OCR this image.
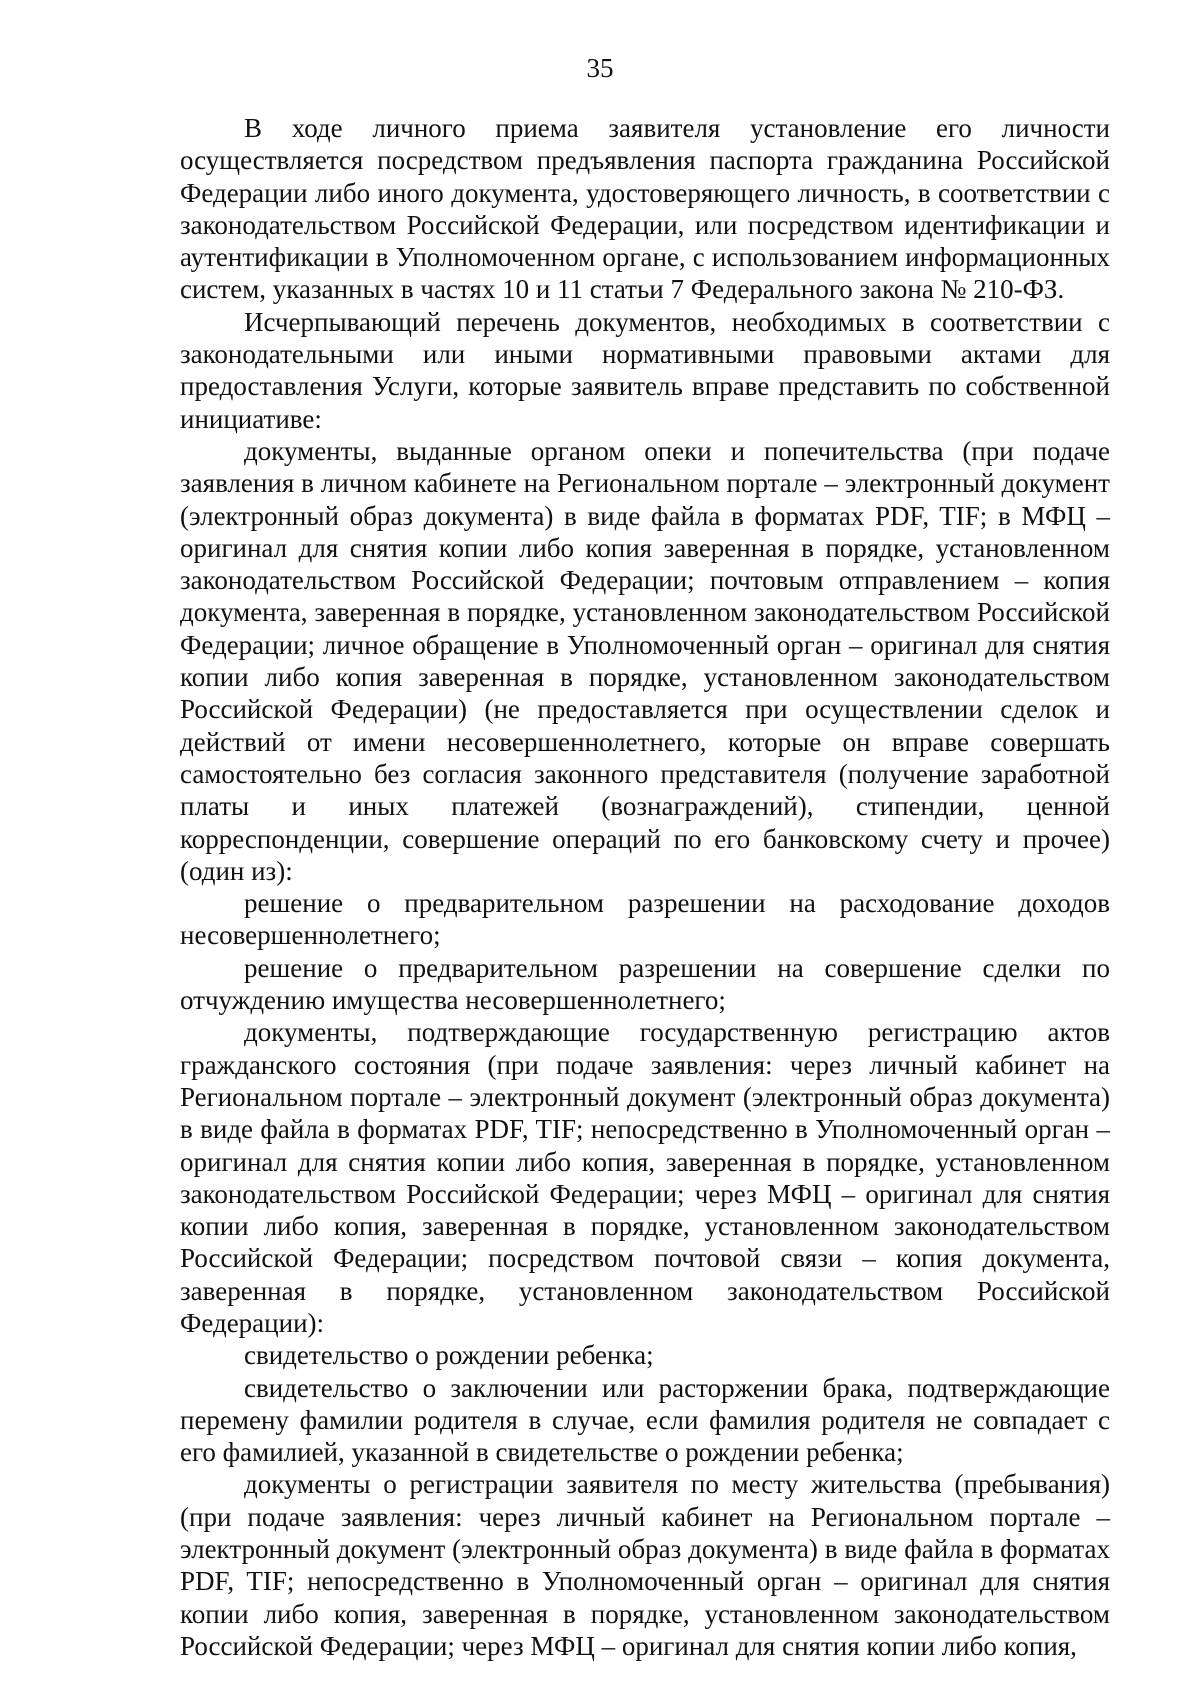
35

В ходе личного приема заявителя установление его личности осуществляется посредством предъявления паспорта гражданина Российской Федерации либо иного документа, удостоверяющего личность, в соответствии с законодательством Российской Федерации, или посредством идентификации и аутентификации в Уполномоченном органе, с использованием информационных систем, указанных в частях 10 и 11 статьи 7 Федерального закона № 210-ФЗ.

Исчерпывающий перечень документов, необходимых в соответствии с законодательными или иными нормативными правовыми актами для предоставления Услуги, которые заявитель вправе представить по собственной инициативе:

документы, выданные органом опеки и попечительства (при подаче заявления в личном кабинете на Региональном портале – электронный документ (электронный образ документа) в виде файла в форматах PDF, TIF; в МФЦ – оригинал для снятия копии либо копия заверенная в порядке, установленном законодательством Российской Федерации; почтовым отправлением – копия документа, заверенная в порядке, установленном законодательством Российской Федерации; личное обращение в Уполномоченный орган – оригинал для снятия копии либо копия заверенная в порядке, установленном законодательством Российской Федерации) (не предоставляется при осуществлении сделок и действий от имени несовершеннолетнего, которые он вправе совершать самостоятельно без согласия законного представителя (получение заработной платы и иных платежей (вознаграждений), стипендии, ценной корреспонденции, совершение операций по его банковскому счету и прочее) (один из):

решение о предварительном разрешении на расходование доходов несовершеннолетнего;

решение о предварительном разрешении на совершение сделки по отчуждению имущества несовершеннолетнего;

документы, подтверждающие государственную регистрацию актов гражданского состояния (при подаче заявления: через личный кабинет на Региональном портале – электронный документ (электронный образ документа) в виде файла в форматах PDF, TIF; непосредственно в Уполномоченный орган – оригинал для снятия копии либо копия, заверенная в порядке, установленном законодательством Российской Федерации; через МФЦ – оригинал для снятия копии либо копия, заверенная в порядке, установленном законодательством Российской Федерации; посредством почтовой связи – копия документа, заверенная в порядке, установленном законодательством Российской Федерации):

свидетельство о рождении ребенка;

свидетельство о заключении или расторжении брака, подтверждающие перемену фамилии родителя в случае, если фамилия родителя не совпадает с его фамилией, указанной в свидетельстве о рождении ребенка;

документы о регистрации заявителя по месту жительства (пребывания) (при подаче заявления: через личный кабинет на Региональном портале – электронный документ (электронный образ документа) в виде файла в форматах PDF, TIF; непосредственно в Уполномоченный орган – оригинал для снятия копии либо копия, заверенная в порядке, установленном законодательством Российской Федерации; через МФЦ – оригинал для снятия копии либо копия,
